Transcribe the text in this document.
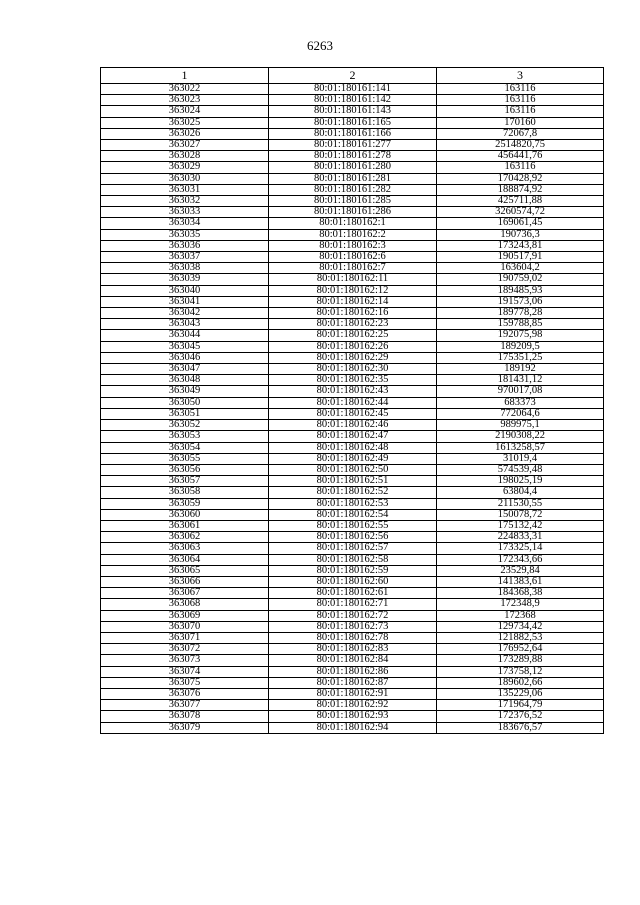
6263
1	2	3
363022	80:01:180161:141	163116
363023	80:01:180161:142	163116
363024	80:01:180161:143	163116
363025	80:01:180161:165	170160
363026	80:01:180161:166	72067,8
363027	80:01:180161:277	2514820,75
363028	80:01:180161:278	456441,76
363029	80:01:180161:280	163116
363030	80:01:180161:281	170428,92
363031	80:01:180161:282	188874,92
363032	80:01:180161:285	425711,88
363033	80:01:180161:286	3260574,72
363034	80:01:180162:1	169061,45
363035	80:01:180162:2	190736,3
363036	80:01:180162:3	173243,81
363037	80:01:180162:6	190517,91
363038	80:01:180162:7	163604,2
363039	80:01:180162:11	190759,02
363040	80:01:180162:12	189485,93
363041	80:01:180162:14	191573,06
363042	80:01:180162:16	189778,28
363043	80:01:180162:23	159788,85
363044	80:01:180162:25	192075,98
363045	80:01:180162:26	189209,5
363046	80:01:180162:29	175351,25
363047	80:01:180162:30	189192
363048	80:01:180162:35	181431,12
363049	80:01:180162:43	970017,08
363050	80:01:180162:44	683373
363051	80:01:180162:45	772064,6
363052	80:01:180162:46	989975,1
363053	80:01:180162:47	2190308,22
363054	80:01:180162:48	1613258,57
363055	80:01:180162:49	31019,4
363056	80:01:180162:50	574539,48
363057	80:01:180162:51	198025,19
363058	80:01:180162:52	63804,4
363059	80:01:180162:53	211530,55
363060	80:01:180162:54	150078,72
363061	80:01:180162:55	175132,42
363062	80:01:180162:56	224833,31
363063	80:01:180162:57	173325,14
363064	80:01:180162:58	172343,66
363065	80:01:180162:59	23529,84
363066	80:01:180162:60	141383,61
363067	80:01:180162:61	184368,38
363068	80:01:180162:71	172348,9
363069	80:01:180162:72	172368
363070	80:01:180162:73	129734,42
363071	80:01:180162:78	121882,53
363072	80:01:180162:83	176952,64
363073	80:01:180162:84	173289,88
363074	80:01:180162:86	173758,12
363075	80:01:180162:87	189602,66
363076	80:01:180162:91	135229,06
363077	80:01:180162:92	171964,79
363078	80:01:180162:93	172376,52
363079	80:01:180162:94	183676,57
